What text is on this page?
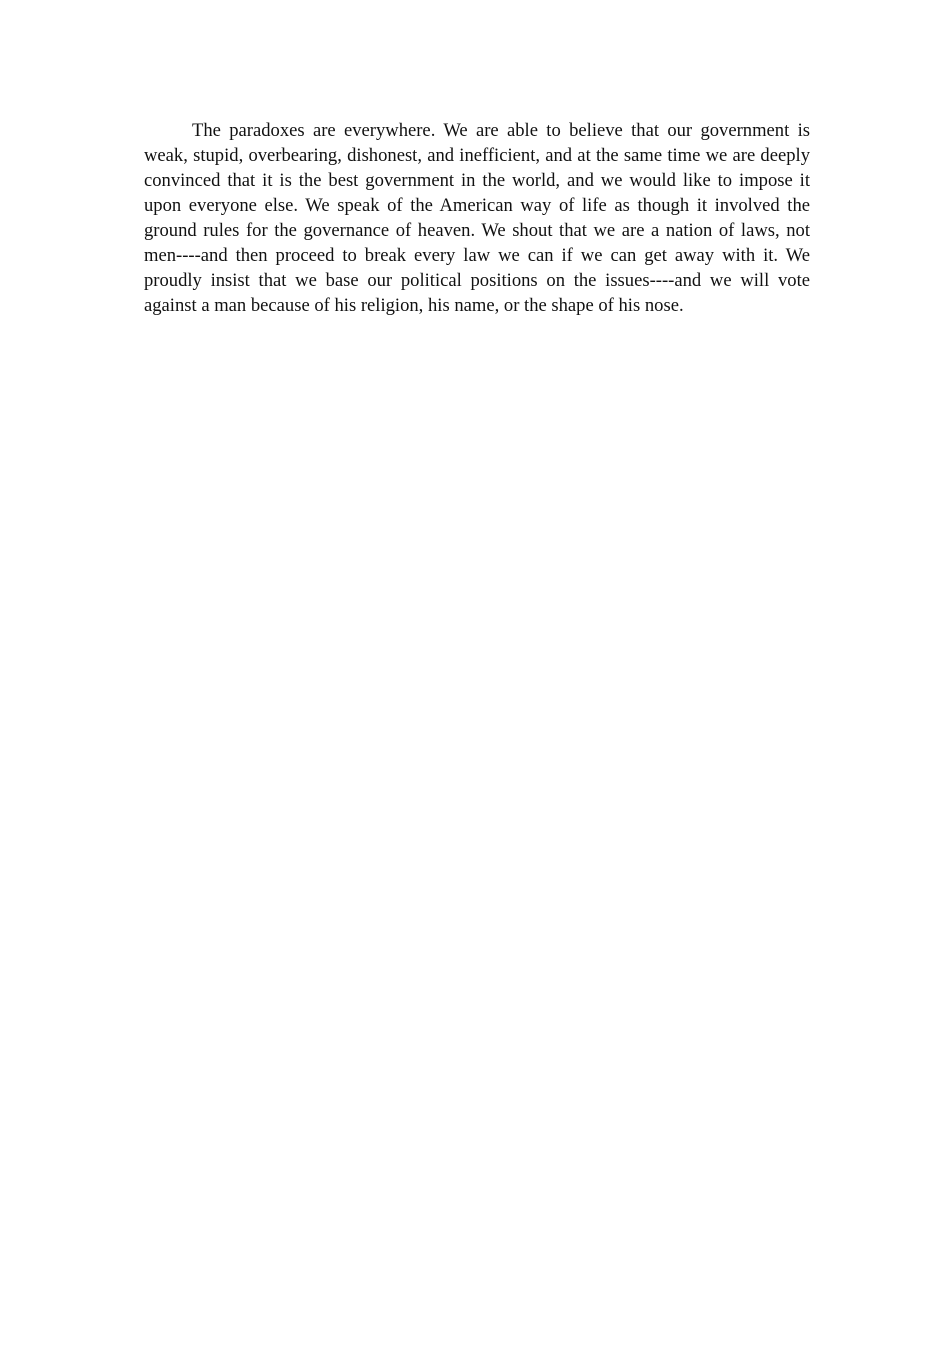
The paradoxes are everywhere. We are able to believe that our government is weak, stupid, overbearing, dishonest, and inefficient, and at the same time we are deeply convinced that it is the best government in the world, and we would like to impose it upon everyone else. We speak of the American way of life as though it involved the ground rules for the governance of heaven. We shout that we are a nation of laws, not men----and then proceed to break every law we can if we can get away with it. We proudly insist that we base our political positions on the issues----and we will vote against a man because of his religion, his name, or the shape of his nose.
